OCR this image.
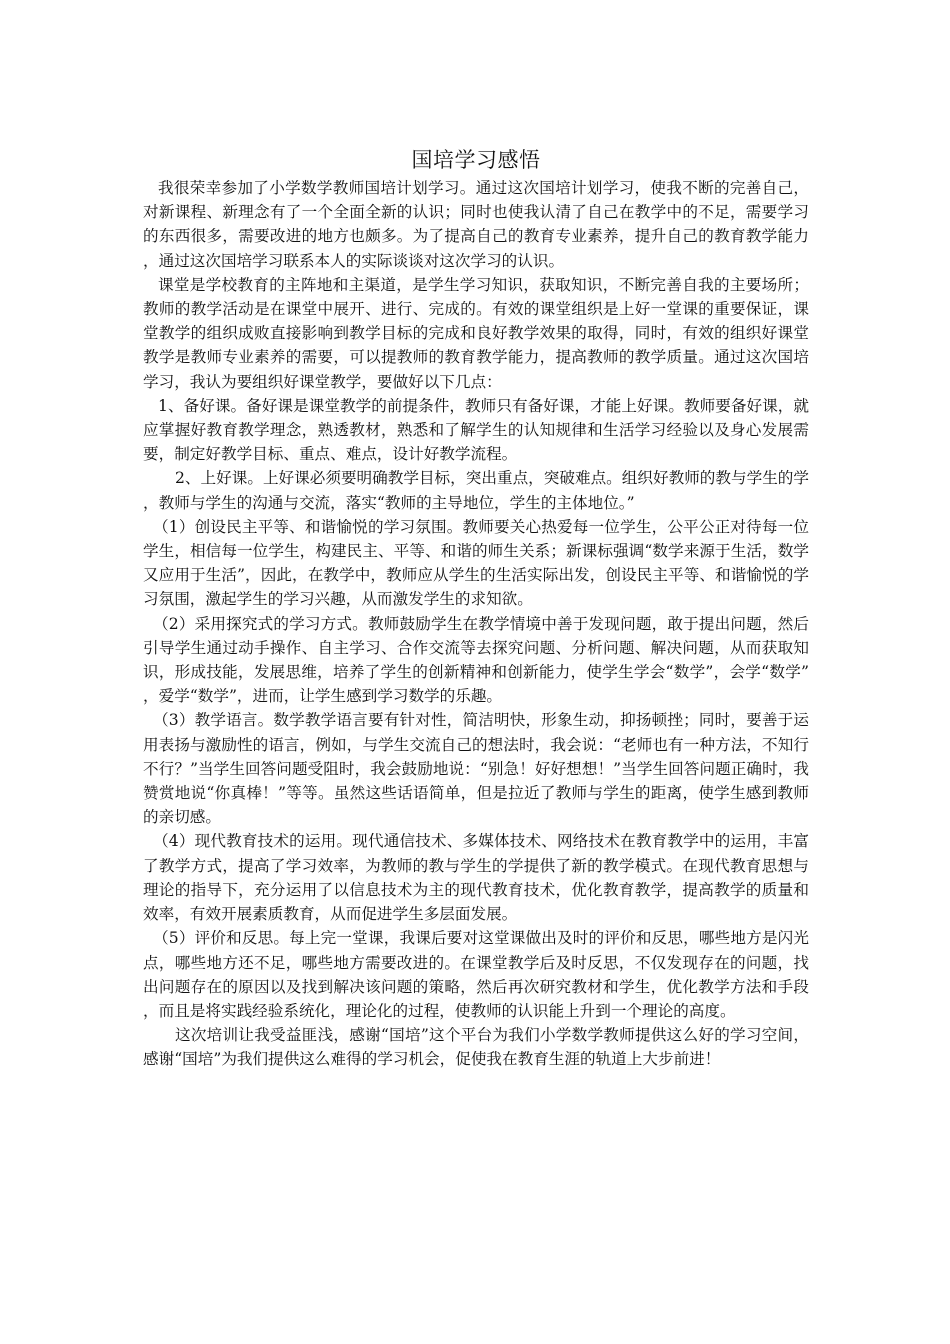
国培学习感悟

我很荣幸参加了小学数学教师国培计划学习。通过这次国培计划学习，使我不断的完善自己，对新课程、新理念有了一个全面全新的认识；同时也使我认清了自己在教学中的不足，需要学习的东西很多，需要改进的地方也颇多。为了提高自己的教育专业素养，提升自己的教育教学能力，通过这次国培学习联系本人的实际谈谈对这次学习的认识。

课堂是学校教育的主阵地和主渠道，是学生学习知识，获取知识，不断完善自我的主要场所；教师的教学活动是在课堂中展开、进行、完成的。有效的课堂组织是上好一堂课的重要保证，课堂教学的组织成败直接影响到教学目标的完成和良好教学效果的取得，同时，有效的组织好课堂教学是教师专业素养的需要，可以提教师的教育教学能力，提高教师的教学质量。通过这次国培学习，我认为要组织好课堂教学，要做好以下几点：

1、备好课。备好课是课堂教学的前提条件，教师只有备好课，才能上好课。教师要备好课，就应掌握好教育教学理念，熟透教材，熟悉和了解学生的认知规律和生活学习经验以及身心发展需要，制定好教学目标、重点、难点，设计好教学流程。

2、上好课。上好课必须要明确教学目标，突出重点，突破难点。组织好教师的教与学生的学，教师与学生的沟通与交流，落实“教师的主导地位，学生的主体地位。”

（1）创设民主平等、和谐愉悦的学习氛围。教师要关心热爱每一位学生，公平公正对待每一位学生，相信每一位学生，构建民主、平等、和谐的师生关系；新课标强调“数学来源于生活，数学又应用于生活”，因此，在教学中，教师应从学生的生活实际出发，创设民主平等、和谐愉悦的学习氛围，激起学生的学习兴趣，从而激发学生的求知欲。

（2）采用探究式的学习方式。教师鼓励学生在教学情境中善于发现问题，敢于提出问题，然后引导学生通过动手操作、自主学习、合作交流等去探究问题、分析问题、解决问题，从而获取知识，形成技能，发展思维，培养了学生的创新精神和创新能力，使学生学会“数学”，会学“数学”，爱学“数学”，进而，让学生感到学习数学的乐趣。

（3）教学语言。数学教学语言要有针对性，简洁明快，形象生动，抑扬顿挫；同时，要善于运用表扬与激励性的语言，例如，与学生交流自己的想法时，我会说：“老师也有一种方法，不知行不行？”当学生回答问题受阻时，我会鼓励地说：“别急！好好想想！”当学生回答问题正确时，我赞赏地说“你真棒！”等等。虽然这些话语简单，但是拉近了教师与学生的距离，使学生感到教师的亲切感。

（4）现代教育技术的运用。现代通信技术、多媒体技术、网络技术在教育教学中的运用，丰富了教学方式，提高了学习效率，为教师的教与学生的学提供了新的教学模式。在现代教育思想与理论的指导下，充分运用了以信息技术为主的现代教育技术，优化教育教学，提高教学的质量和效率，有效开展素质教育，从而促进学生多层面发展。

（5）评价和反思。每上完一堂课，我课后要对这堂课做出及时的评价和反思，哪些地方是闪光点，哪些地方还不足，哪些地方需要改进的。在课堂教学后及时反思，不仅发现存在的问题，找出问题存在的原因以及找到解决该问题的策略，然后再次研究教材和学生，优化教学方法和手段，而且是将实践经验系统化，理论化的过程，使教师的认识能上升到一个理论的高度。

这次培训让我受益匪浅，感谢“国培”这个平台为我们小学数学教师提供这么好的学习空间，感谢“国培”为我们提供这么难得的学习机会，促使我在教育生涯的轨道上大步前进！
